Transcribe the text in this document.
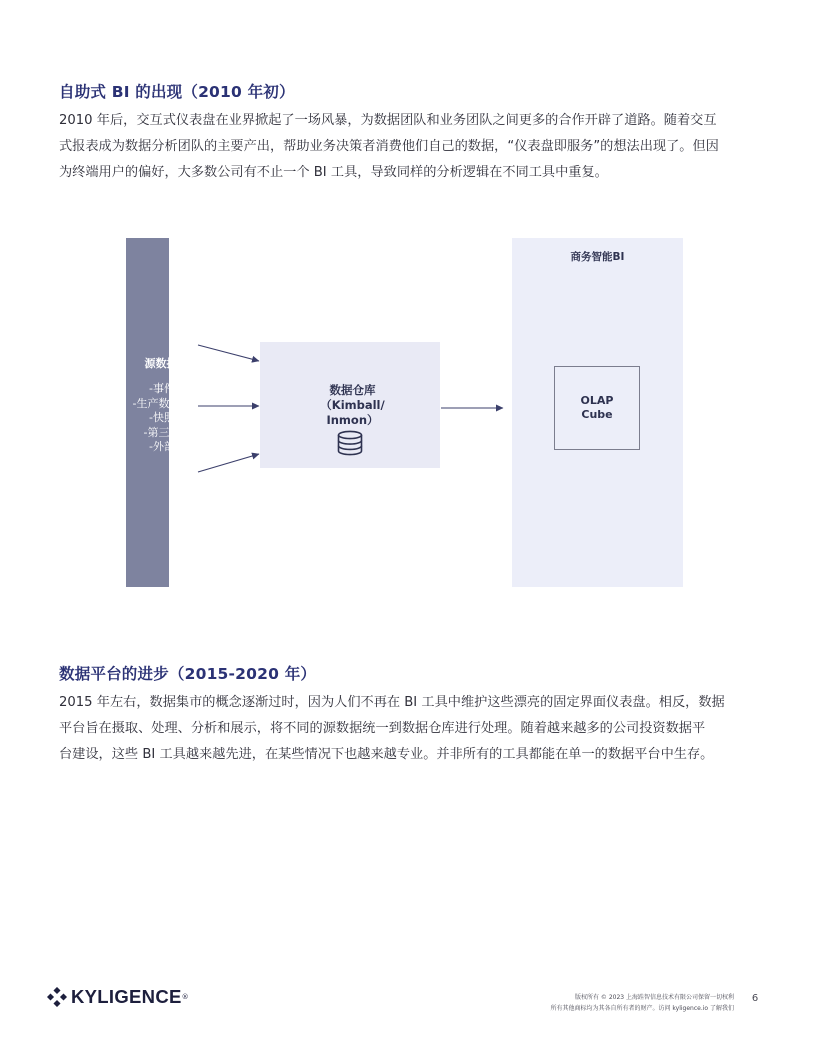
自助式 BI 的出现（2010 年初）

2010 年后，交互式仪表盘在业界掀起了一场风暴，为数据团队和业务团队之间更多的合作开辟了道路。随着交互
式报表成为数据分析团队的主要产出，帮助业务决策者消费他们自己的数据，“仪表盘即服务”的想法出现了。但因
为终端用户的偏好，大多数公司有不止一个 BI 工具，导致同样的分析逻辑在不同工具中重复。

源数据
-事件
-生产数据库
-快照
-第三方
-外部
数据仓库
（Kimball/
Inmon）
商务智能BI
OLAP
Cube
数据平台的进步（2015-2020 年）

2015 年左右，数据集市的概念逐渐过时，因为人们不再在 BI 工具中维护这些漂亮的固定界面仪表盘。相反，数据
平台旨在摄取、处理、分析和展示，将不同的源数据统一到数据仓库进行处理。随着越来越多的公司投资数据平
台建设，这些 BI 工具越来越先进，在某些情况下也越来越专业。并非所有的工具都能在单一的数据平台中生存。

KYLIGENCE ®	版权所有 © 2023 上海跬智信息技术有限公司保留一切权利
所有其他商标均为其各自所有者的财产。访问 kyligence.io 了解我们
6
